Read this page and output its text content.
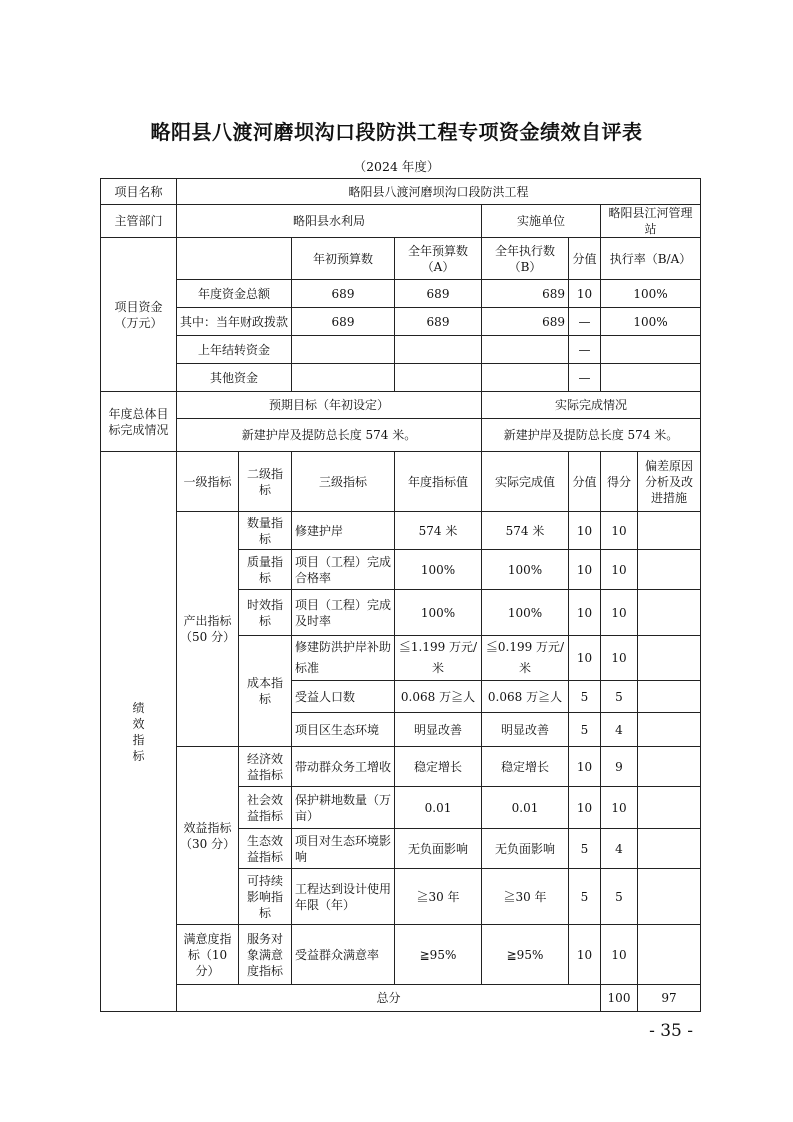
略阳县八渡河磨坝沟口段防洪工程专项资金绩效自评表
（2024 年度）
项目名称	略阳县八渡河磨坝沟口段防洪工程								
主管部门	略阳县水利局				实施单位		略阳县江河管理站		
项目资金（万元）			年初预算数	全年预算数（A）	全年执行数（B）	分值	执行率（B/A）	
	年度资金总额		689	689	689	10	100%	
	其中：当年财政拨款		689	689	689	—	100%		
	上年结转资金					—		
	其他资金					—		
年度总体目标完成情况	预期目标（年初设定）				实际完成情况				
	新建护岸及提防总长度 574 米。				新建护岸及提防总长度 574 米。				

绩效指标	一级指标	二级指标	三级指标	年度指标值	实际完成值	分值	得分	偏差原因分析及改进措施	
	产出指标（50 分）	数量指标	修建护岸	574 米	574 米	10	10		
		质量指标	项目（工程）完成合格率	100%	100%	10	10		
		时效指标	项目（工程）完成及时率	100%	100%	10	10		
		成本指标	修建防洪护岸补助标准	≦1.199 万元/米	≦0.199 万元/米	10	10		
			受益人口数	0.068 万≧人	0.068 万≧人	5	5		
			项目区生态环境	明显改善	明显改善	5	4		
	效益指标（30 分）	经济效益指标	带动群众务工增收	稳定增长	稳定增长	10	9		
		社会效益指标	保护耕地数量（万亩）	0.01	0.01	10	10		
		生态效益指标	项目对生态环境影响	无负面影响	无负面影响	5	4		
		可持续影响指标	工程达到设计使用年限（年）	≧30 年	≧30 年	5	5		
	满意度指标（10 分）	服务对象满意度指标	受益群众满意率	≧95%	≧95%	10	10		
	总分						100	97	
- 35 -
